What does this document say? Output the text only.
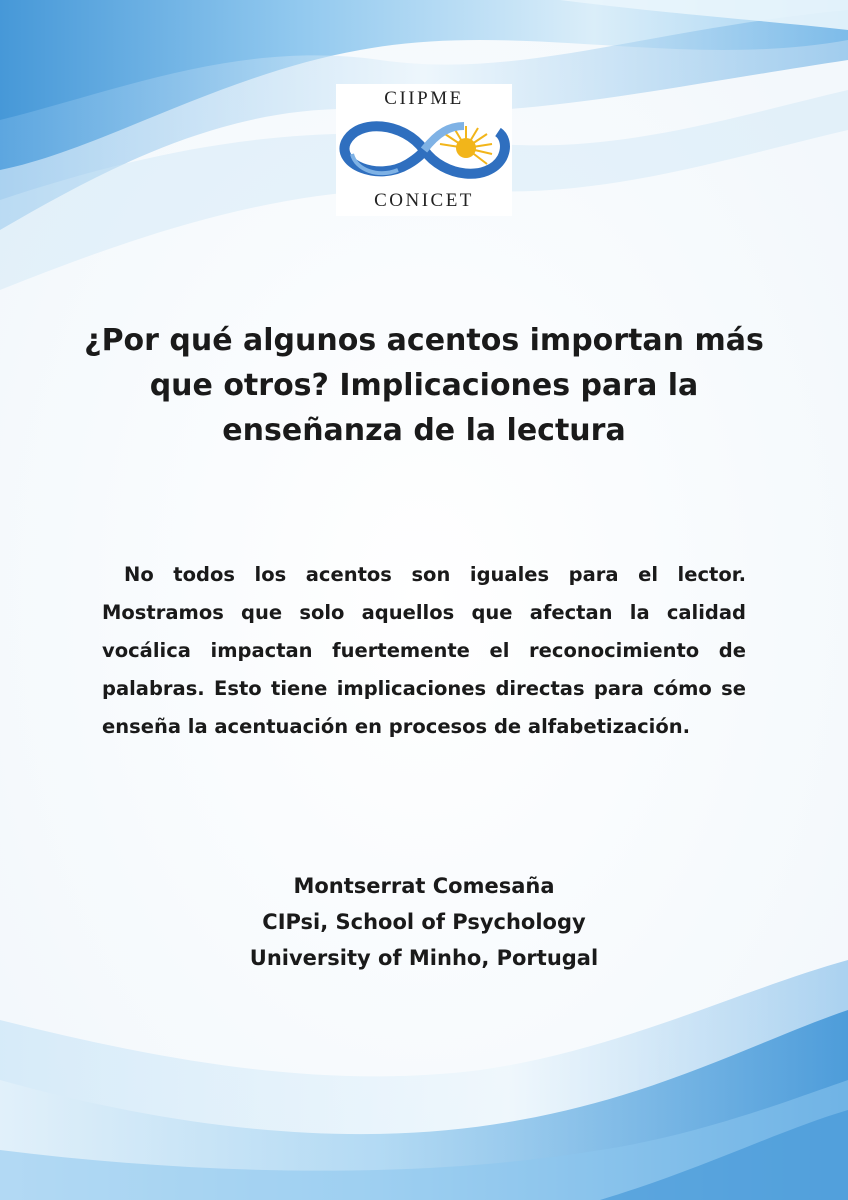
CIIPME
CONICET
¿Por qué algunos acentos importan más que otros? Implicaciones para la enseñanza de la lectura

No todos los acentos son iguales para el lector. Mostramos que solo aquellos que afectan la calidad vocálica impactan fuertemente el reconocimiento de palabras. Esto tiene implicaciones directas para cómo se enseña la acentuación en procesos de alfabetización.

Montserrat Comesaña
CIPsi, School of Psychology
University of Minho, Portugal
